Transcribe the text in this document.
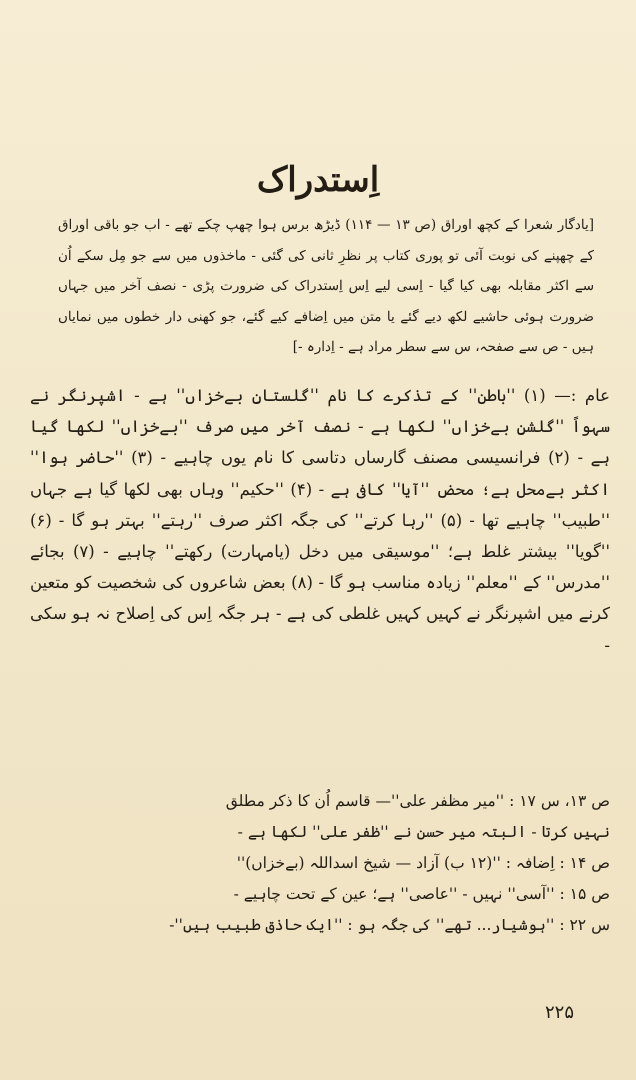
اِستدراک
[یادگار شعرا کے کچھ اوراق (ص ۱۳ — ۱۱۴) ڈیڑھ برس ہوا چھپ چکے تھے - اب جو باقی اوراق کے چھپنے کی نوبت آئی تو پوری کتاب پر نظرِ ثانی کی گئی - ماخذوں میں سے جو مِل سکے اُن سے اکثر مقابلہ بھی کیا گیا - اِسی لیے اِس اِستدراک کی ضرورت پڑی - نصف آخر میں جہاں ضرورت ہوئی حاشیے لکھ دیے گئے یا متن میں اِضافے کیے گئے، جو کھنی دار خطوں میں نمایاں ہیں - ص سے صفحہ، س سے سطر مراد ہے - اِدارہ -]
عام :— (۱) ''باطن'' کے تذکرے کا نام ''گلستانِ بےخزاں'' ہے - اشپرنگر نے سہواً ''گلشنِ بےخزاں'' لکھا ہے - نصف آخر میں صرف ''بےخزاں'' لکھا گیا ہے - (۲) فرانسیسی مصنف گارساں دتاسی کا نام یوں چاہیے - (۳) ''حاضر ہوا'' اکثر بےمحل ہے؛ محض ''آیا'' کافی ہے - (۴) ''حکیم'' وہاں بھی لکھا گیا ہے جہاں ''طبیب'' چاہیے تھا - (۵) ''رہا کرتے'' کی جگہ اکثر صرف ''رہتے'' بہتر ہو گا - (۶) ''گویا'' بیشتر غلط ہے؛ ''موسیقی میں دخل (یامہارت) رکھتے'' چاہیے - (۷) بجائے ''مدرس'' کے ''معلم'' زیادہ مناسب ہو گا - (۸) بعض شاعروں کی شخصیت کو متعین کرنے میں اشپرنگر نے کہیں کہیں غلطی کی ہے - ہر جگہ اِس کی اِصلاح نہ ہو سکی -
ص ۱۳، س ۱۷ : ''میر مظفر علی''— قاسم اُن کا ذکر مطلق
نہیں کرتا - البتہ میر حسن نے ''ظفر علی'' لکھا ہے -
ص ۱۴ : اِضافہ : ''(۱۲ ب) آزاد — شیخ اسداللہ (بےخزاں)''
ص ۱۵ : ''آسی'' نہیں - ''عاصی'' ہے؛ عین کے تحت چاہیے -
س ۲۲ : ''ہوشیار... تھے'' کی جگہ ہو : ''ایک حاذق طبیب ہیں''-
۲۲۵
